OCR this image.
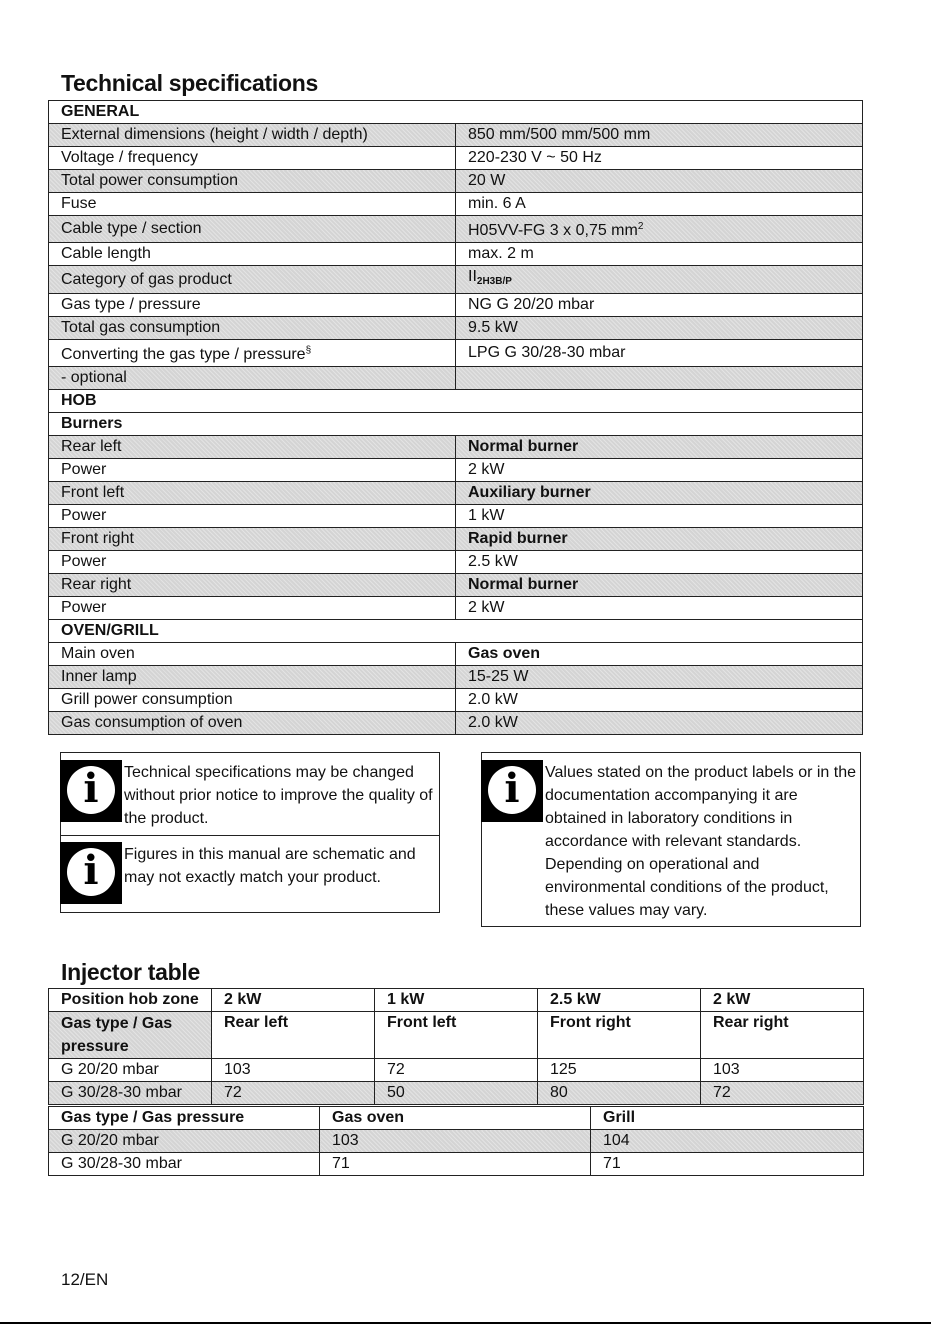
Technical specifications
GENERAL	
External dimensions (height / width / depth)	850 mm/500 mm/500 mm
Voltage / frequency	220-230 V ~ 50 Hz
Total power consumption	20 W
Fuse	min. 6 A
Cable type / section	H05VV-FG 3 x 0,75 $mm^2$
Cable length	max. 2 m
Category of gas product	$II_{2H3B/P}$
Gas type / pressure	NG G 20/20 mbar
Total gas consumption	9.5 kW
Converting the gas type / pressure§	LPG G 30/28-30 mbar
- optional	
HOB	
Burners	
Rear left	Normal burner
Power	2 kW
Front left	Auxiliary burner
Power	1 kW
Front right	Rapid burner
Power	2.5 kW
Rear right	Normal burner
Power	2 kW
OVEN/GRILL	
Main oven	Gas oven
Inner lamp	15-25 W
Grill power consumption	2.0 kW
Gas consumption of oven	2.0 kW
i	Technical specifications may be changed
without prior notice to improve the quality of
the product.
i	Figures in this manual are schematic and
may not exactly match your product.
i	Values stated on the product labels or in the
documentation accompanying it are
obtained in laboratory conditions in
accordance with relevant standards.
Depending on operational and
environmental conditions of the product,
these values may vary.
Injector table
Position hob zone	2 kW	1 kW	2.5 kW	2 kW
Gas type / Gas pressure	Rear left	Front left	Front right	Rear right
G 20/20 mbar	103	72	125	103
G 30/28-30 mbar	72	50	80	72
Gas type / Gas pressure	Gas oven	Grill
G 20/20 mbar	103	104
G 30/28-30 mbar	71	71
12/EN
